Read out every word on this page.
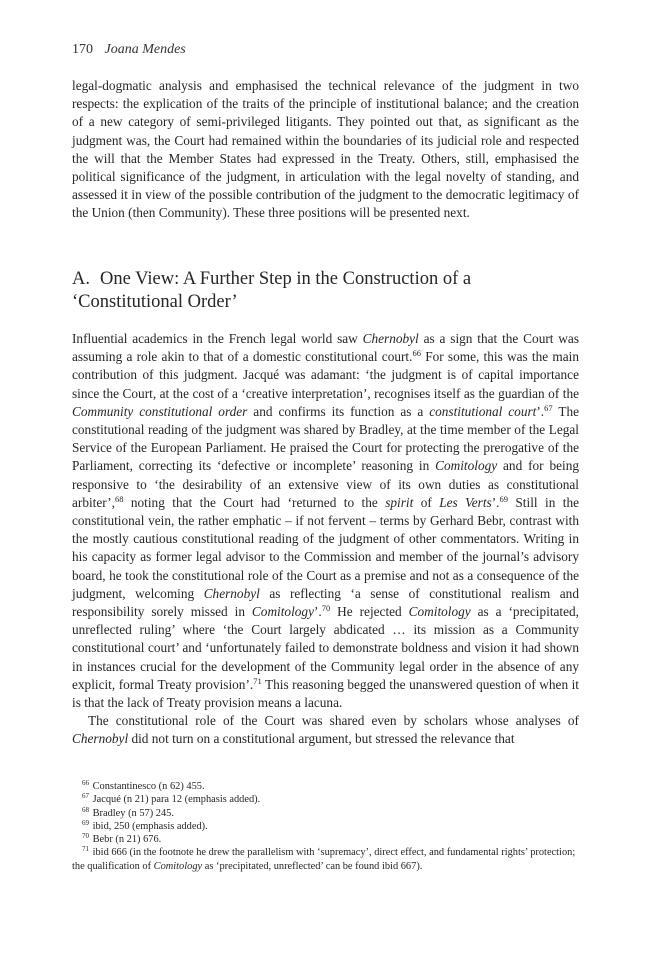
170 Joana Mendes

legal-dogmatic analysis and emphasised the technical relevance of the judgment in two respects: the explication of the traits of the principle of institutional balance; and the creation of a new category of semi-privileged litigants. They pointed out that, as significant as the judgment was, the Court had remained within the boundaries of its judicial role and respected the will that the Member States had expressed in the Treaty. Others, still, emphasised the political significance of the judgment, in articulation with the legal novelty of standing, and assessed it in view of the possible contribution of the judgment to the democratic legitimacy of the Union (then Community). These three positions will be presented next.

A. One View: A Further Step in the Construction of a ‘Constitutional Order’

Influential academics in the French legal world saw Chernobyl as a sign that the Court was assuming a role akin to that of a domestic constitutional court.$^{66}$ For some, this was the main contribution of this judgment. Jacqué was adamant: ‘the judgment is of capital importance since the Court, at the cost of a ‘creative interpretation’, recognises itself as the guardian of the Community constitutional order and confirms its function as a constitutional court’.$^{67}$ The constitutional reading of the judgment was shared by Bradley, at the time member of the Legal Service of the European Parliament. He praised the Court for protecting the prerogative of the Parliament, correcting its ‘defective or incomplete’ reasoning in Comitology and for being responsive to ‘the desirability of an extensive view of its own duties as constitutional arbiter’,$^{68}$ noting that the Court had ‘returned to the spirit of Les Verts’.$^{69}$ Still in the constitutional vein, the rather emphatic – if not fervent – terms by Gerhard Bebr, contrast with the mostly cautious constitutional reading of the judgment of other commentators. Writing in his capacity as former legal advisor to the Commission and member of the journal’s advisory board, he took the constitutional role of the Court as a premise and not as a consequence of the judgment, welcoming Chernobyl as reflecting ‘a sense of constitutional realism and responsibility sorely missed in Comitology’.$^{70}$ He rejected Comitology as a ‘precipitated, unreflected ruling’ where ‘the Court largely abdicated … its mission as a Community constitutional court’ and ‘unfortunately failed to demonstrate boldness and vision it had shown in instances crucial for the development of the Community legal order in the absence of any explicit, formal Treaty provision’.$^{71}$ This reasoning begged the unanswered question of when it is that the lack of Treaty provision means a lacuna.

The constitutional role of the Court was shared even by scholars whose analyses of Chernobyl did not turn on a constitutional argument, but stressed the relevance that

$^{66}$ Constantinesco (n 62) 455.

$^{67}$ Jacqué (n 21) para 12 (emphasis added).

$^{68}$ Bradley (n 57) 245.

$^{69}$ ibid, 250 (emphasis added).

$^{70}$ Bebr (n 21) 676.

$^{71}$ ibid 666 (in the footnote he drew the parallelism with ‘supremacy’, direct effect, and fundamental rights’ protection; the qualification of Comitology as ‘precipitated, unreflected’ can be found ibid 667).
